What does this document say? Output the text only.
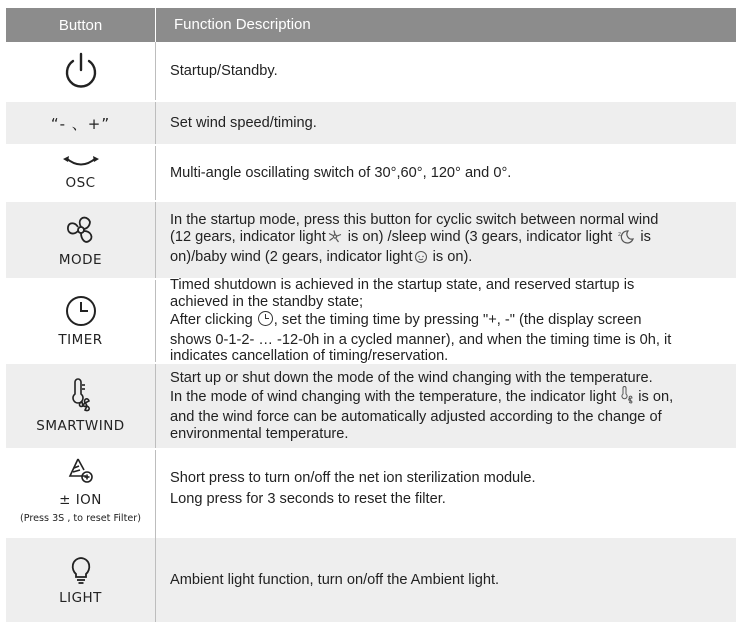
Button	Function Description
Startup/Standby.
“- 、+”	Set wind speed/timing.
OSC
Multi-angle oscillating switch of 30°,60°, 120° and 0°.
MODE
In the startup mode, press this button for cyclic switch between normal wind
(12 gears, indicator light is on) /sleep wind (3 gears, indicator light z is
on)/baby wind (2 gears, indicator light is on).
TIMER
Timed shutdown is achieved in the startup state, and reserved startup is
achieved in the standby state;
After clicking , set the timing time by pressing "+, -" (the display screen
shows 0-1-2- … -12-0h in a cycled manner), and when the timing time is 0h, it
indicates cancellation of timing/reservation.
SMARTWIND
Start up or shut down the mode of the wind changing with the temperature.
In the mode of wind changing with the temperature, the indicator light  is on,
and the wind force can be automatically adjusted according to the change of
environmental temperature.
± ION
(Press 3S , to reset Filter)
Short press to turn on/off the net ion sterilization module.
Long press for 3 seconds to reset the filter.
LIGHT
Ambient light function, turn on/off the Ambient light.
